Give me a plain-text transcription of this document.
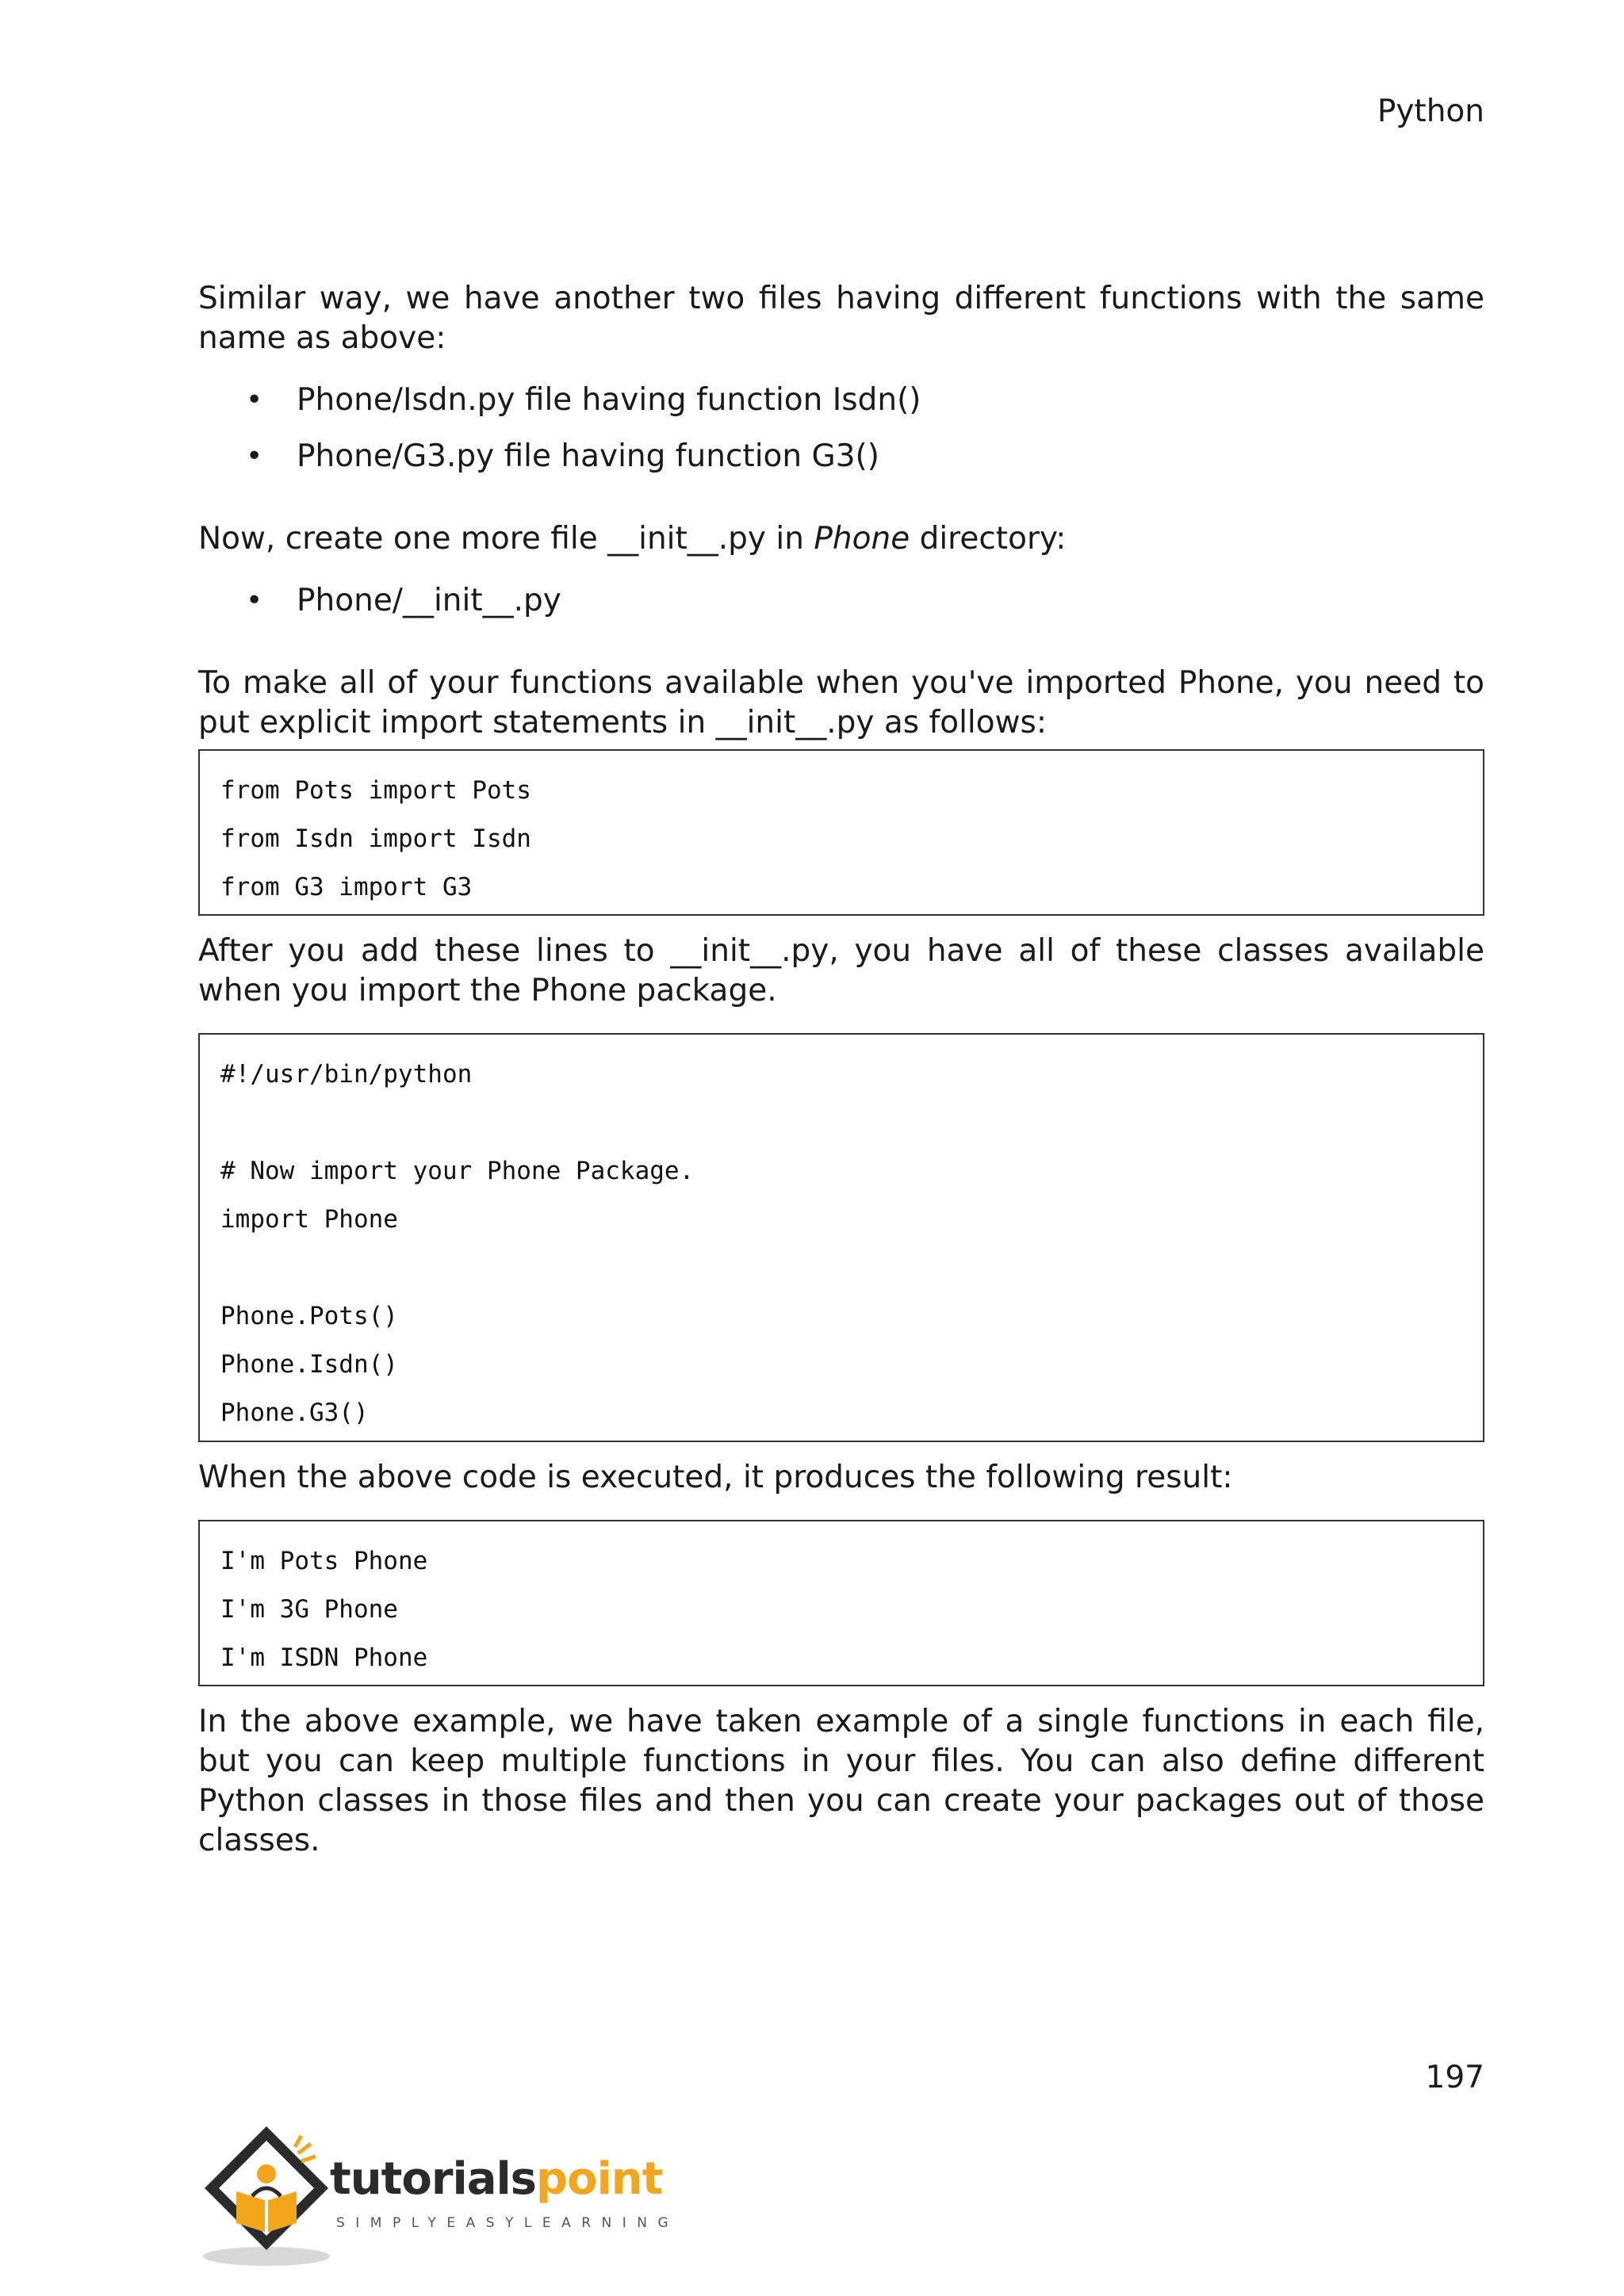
Python

Similar way, we have another two files having different functions with the same name as above:

• Phone/Isdn.py file having function Isdn()
• Phone/G3.py file having function G3()

Now, create one more file __init__.py in Phone directory:

• Phone/__init__.py

To make all of your functions available when you've imported Phone, you need to put explicit import statements in __init__.py as follows:

from Pots import Pots
from Isdn import Isdn
from G3 import G3

After you add these lines to __init__.py, you have all of these classes available when you import the Phone package.

#!/usr/bin/python
# Now import your Phone Package.
import Phone
Phone.Pots()
Phone.Isdn()
Phone.G3()

When the above code is executed, it produces the following result:

I'm Pots Phone
I'm 3G Phone
I'm ISDN Phone

In the above example, we have taken example of a single functions in each file, but you can keep multiple functions in your files. You can also define different Python classes in those files and then you can create your packages out of those classes.

197
tutorialspoint
SIMPLYEASYLEARNING
